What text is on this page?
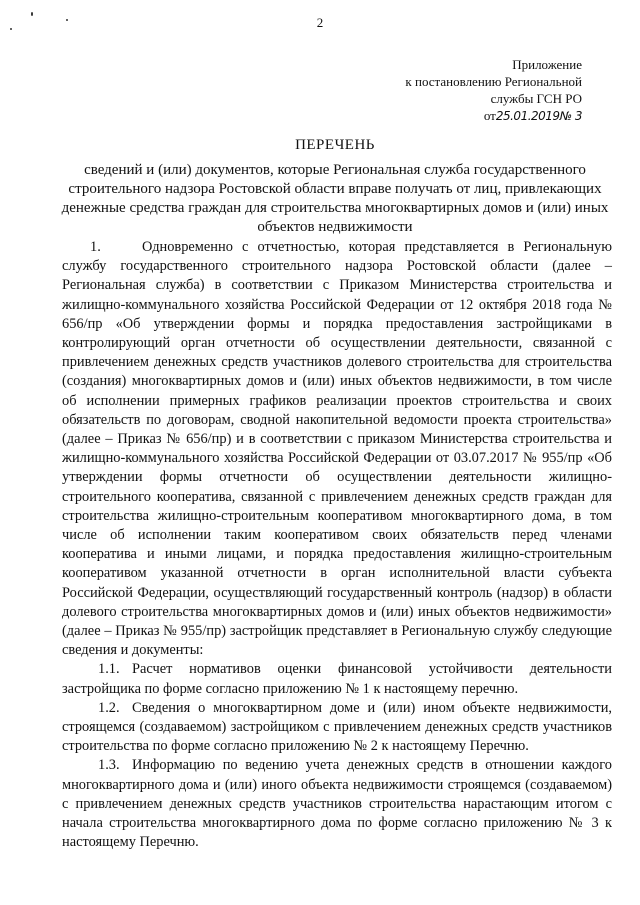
2
Приложение
к постановлению Региональной
службы ГСН РО
от25.01.2019№ 3
ПЕРЕЧЕНЬ
сведений и (или) документов, которые Региональная служба государственного строительного надзора Ростовской области вправе получать от лиц, привлекающих денежные средства граждан для строительства многоквартирных домов и (или) иных объектов недвижимости

1.	Одновременно с отчетностью, которая представляется в Региональную службу государственного строительного надзора Ростовской области (далее – Региональная служба) в соответствии с Приказом Министерства строительства и жилищно-коммунального хозяйства Российской Федерации от 12 октября 2018 года № 656/пр «Об утверждении формы и порядка предоставления застройщиками в контролирующий орган отчетности об осуществлении деятельности, связанной с привлечением денежных средств участников долевого строительства для строительства (создания) многоквартирных домов и (или) иных объектов недвижимости, в том числе об исполнении примерных графиков реализации проектов строительства и своих обязательств по договорам, сводной накопительной ведомости проекта строительства» (далее – Приказ № 656/пр) и в соответствии с приказом Министерства строительства и жилищно-коммунального хозяйства Российской Федерации от 03.07.2017 № 955/пр «Об утверждении формы отчетности об осуществлении деятельности жилищно-строительного кооператива, связанной с привлечением денежных средств граждан для строительства жилищно-строительным кооперативом многоквартирного дома, в том числе об исполнении таким кооперативом своих обязательств перед членами кооператива и иными лицами, и порядка предоставления жилищно-строительным кооперативом указанной отчетности в орган исполнительной власти субъекта Российской Федерации, осуществляющий государственный контроль (надзор) в области долевого строительства многоквартирных домов и (или) иных объектов недвижимости» (далее – Приказ № 955/пр) застройщик представляет в Региональную службу следующие сведения и документы:

1.1. Расчет нормативов оценки финансовой устойчивости деятельности застройщика по форме согласно приложению № 1 к настоящему перечню.

1.2. Сведения о многоквартирном доме и (или) ином объекте недвижимости, строящемся (создаваемом) застройщиком с привлечением денежных средств участников строительства по форме согласно приложению № 2 к настоящему Перечню.

1.3. Информацию по ведению учета денежных средств в отношении каждого многоквартирного дома и (или) иного объекта недвижимости строящемся (создаваемом) с привлечением денежных средств участников строительства нарастающим итогом с начала строительства многоквартирного дома по форме согласно приложению № 3 к настоящему Перечню.
